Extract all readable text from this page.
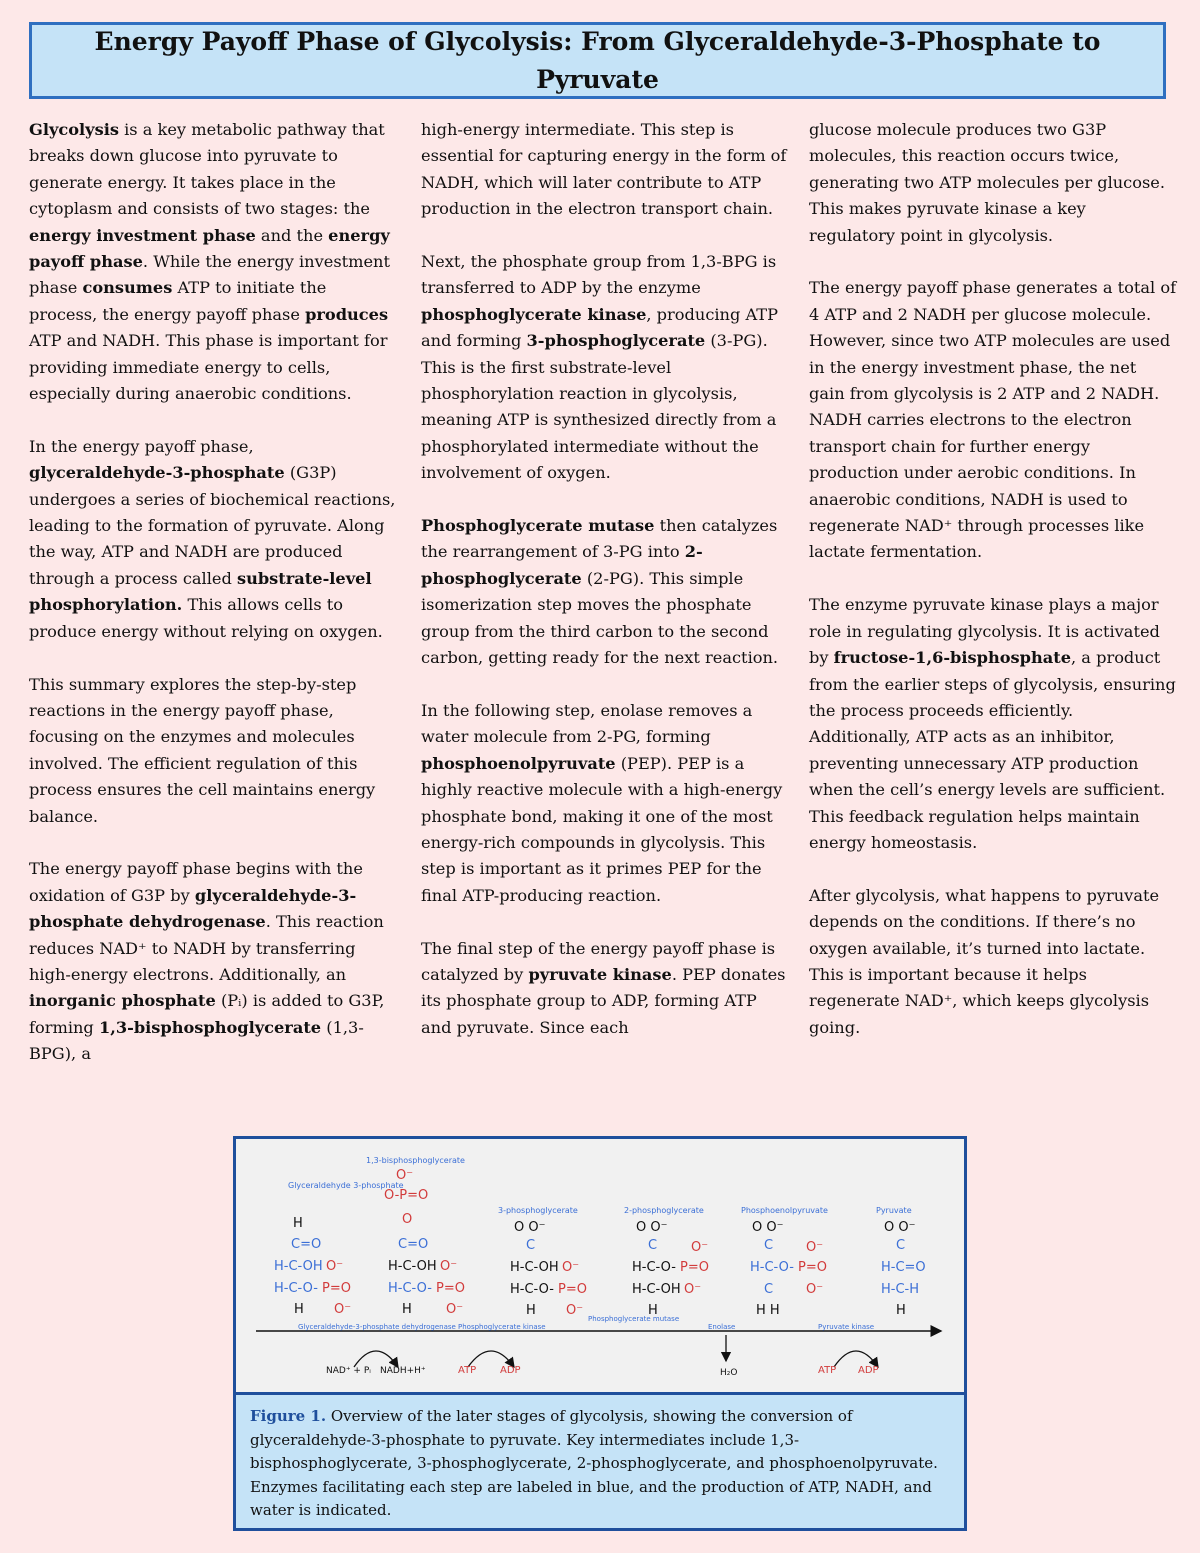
Energy Payoff Phase of Glycolysis: From Glyceraldehyde-3-Phosphate to Pyruvate

Glycolysis is a key metabolic pathway that breaks down glucose into pyruvate to generate energy. It takes place in the cytoplasm and consists of two stages: the energy investment phase and the energy payoff phase. While the energy investment phase consumes ATP to initiate the process, the energy payoff phase produces ATP and NADH. This phase is important for providing immediate energy to cells, especially during anaerobic conditions.

In the energy payoff phase, glyceraldehyde-3-phosphate (G3P) undergoes a series of biochemical reactions, leading to the formation of pyruvate. Along the way, ATP and NADH are produced through a process called substrate-level phosphorylation. This allows cells to produce energy without relying on oxygen.

This summary explores the step-by-step reactions in the energy payoff phase, focusing on the enzymes and molecules involved. The efficient regulation of this process ensures the cell maintains energy balance.

The energy payoff phase begins with the oxidation of G3P by glyceraldehyde-3-phosphate dehydrogenase. This reaction reduces NAD⁺ to NADH by transferring high-energy electrons. Additionally, an inorganic phosphate (Pᵢ) is added to G3P, forming 1,3-bisphosphoglycerate (1,3-BPG), a

high-energy intermediate. This step is essential for capturing energy in the form of NADH, which will later contribute to ATP production in the electron transport chain.

Next, the phosphate group from 1,3-BPG is transferred to ADP by the enzyme phosphoglycerate kinase, producing ATP and forming 3-phosphoglycerate (3-PG). This is the first substrate-level phosphorylation reaction in glycolysis, meaning ATP is synthesized directly from a phosphorylated intermediate without the involvement of oxygen.

Phosphoglycerate mutase then catalyzes the rearrangement of 3-PG into 2-phosphoglycerate (2-PG). This simple isomerization step moves the phosphate group from the third carbon to the second carbon, getting ready for the next reaction.

In the following step, enolase removes a water molecule from 2-PG, forming phosphoenolpyruvate (PEP). PEP is a highly reactive molecule with a high-energy phosphate bond, making it one of the most energy-rich compounds in glycolysis. This step is important as it primes PEP for the final ATP-producing reaction.

The final step of the energy payoff phase is catalyzed by pyruvate kinase. PEP donates its phosphate group to ADP, forming ATP and pyruvate. Since each

glucose molecule produces two G3P molecules, this reaction occurs twice, generating two ATP molecules per glucose. This makes pyruvate kinase a key regulatory point in glycolysis.

The energy payoff phase generates a total of 4 ATP and 2 NADH per glucose molecule. However, since two ATP molecules are used in the energy investment phase, the net gain from glycolysis is 2 ATP and 2 NADH. NADH carries electrons to the electron transport chain for further energy production under aerobic conditions. In anaerobic conditions, NADH is used to regenerate NAD⁺ through processes like lactate fermentation.

The enzyme pyruvate kinase plays a major role in regulating glycolysis. It is activated by fructose-1,6-bisphosphate, a product from the earlier steps of glycolysis, ensuring the process proceeds efficiently. Additionally, ATP acts as an inhibitor, preventing unnecessary ATP production when the cell’s energy levels are sufficient. This feedback regulation helps maintain energy homeostasis.

After glycolysis, what happens to pyruvate depends on the conditions. If there’s no oxygen available, it’s turned into lactate. This is important because it helps regenerate NAD⁺, which keeps glycolysis going.

Glyceraldehyde 3-phosphate
1,3-bisphosphoglycerate
3-phosphoglycerate	2-phosphoglycerate	Phosphoenolpyruvate	Pyruvate
H
C=O
H-C-OH O⁻
H-C-O- P=O
H O⁻
O⁻
O-P=O
O
C=O
H-C-OH O⁻
H-C-O- P=O
H	O⁻
O O⁻
C
H-C-OH O⁻
H-C-O- P=O
H O⁻
O O⁻
C	O⁻
H-C-O- P=O
H-C-OH O⁻
H
O O⁻
C	O⁻
H-C-O- P=O
C	O⁻
H H
O O⁻
C
H-C=O
H-C-H
H
Glyceraldehyde-3-phosphate dehydrogenase Phosphoglycerate kinase
Phosphoglycerate mutase
Enolase	Pyruvate kinase
NAD⁺ + Pᵢ NADH+H⁺	ATP ADP	H₂O	ATP ADP
Figure 1. Overview of the later stages of glycolysis, showing the conversion of glyceraldehyde-3-phosphate to pyruvate. Key intermediates include 1,3-bisphosphoglycerate, 3-phosphoglycerate, 2-phosphoglycerate, and phosphoenolpyruvate. Enzymes facilitating each step are labeled in blue, and the production of ATP, NADH, and water is indicated.
